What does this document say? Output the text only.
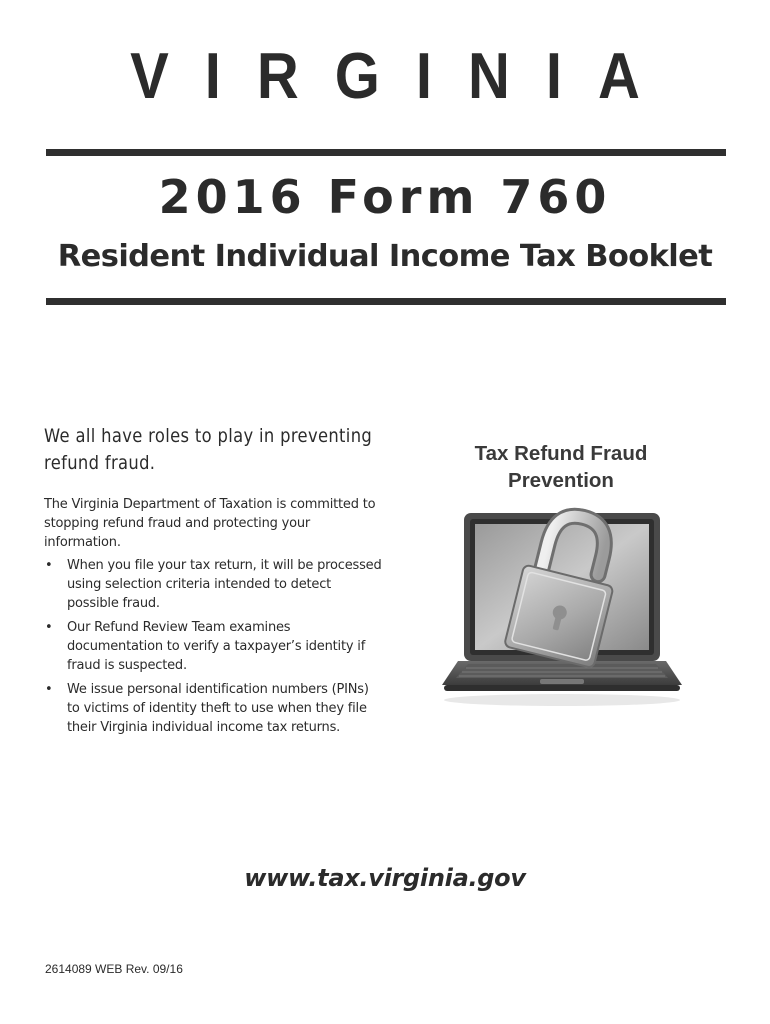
VIRGINIA
2016 Form 760
Resident Individual Income Tax Booklet
We all have roles to play in preventing
refund fraud.
The Virginia Department of Taxation is committed to stopping refund fraud and protecting your information.
• When you file your tax return, it will be processed using selection criteria intended to detect possible fraud.
• Our Refund Review Team examines documentation to verify a taxpayer’s identity if fraud is suspected.
• We issue personal identification numbers (PINs) to victims of identity theft to use when they file their Virginia individual income tax returns.
Tax Refund Fraud
Prevention
www.tax.virginia.gov
2614089 WEB Rev. 09/16
